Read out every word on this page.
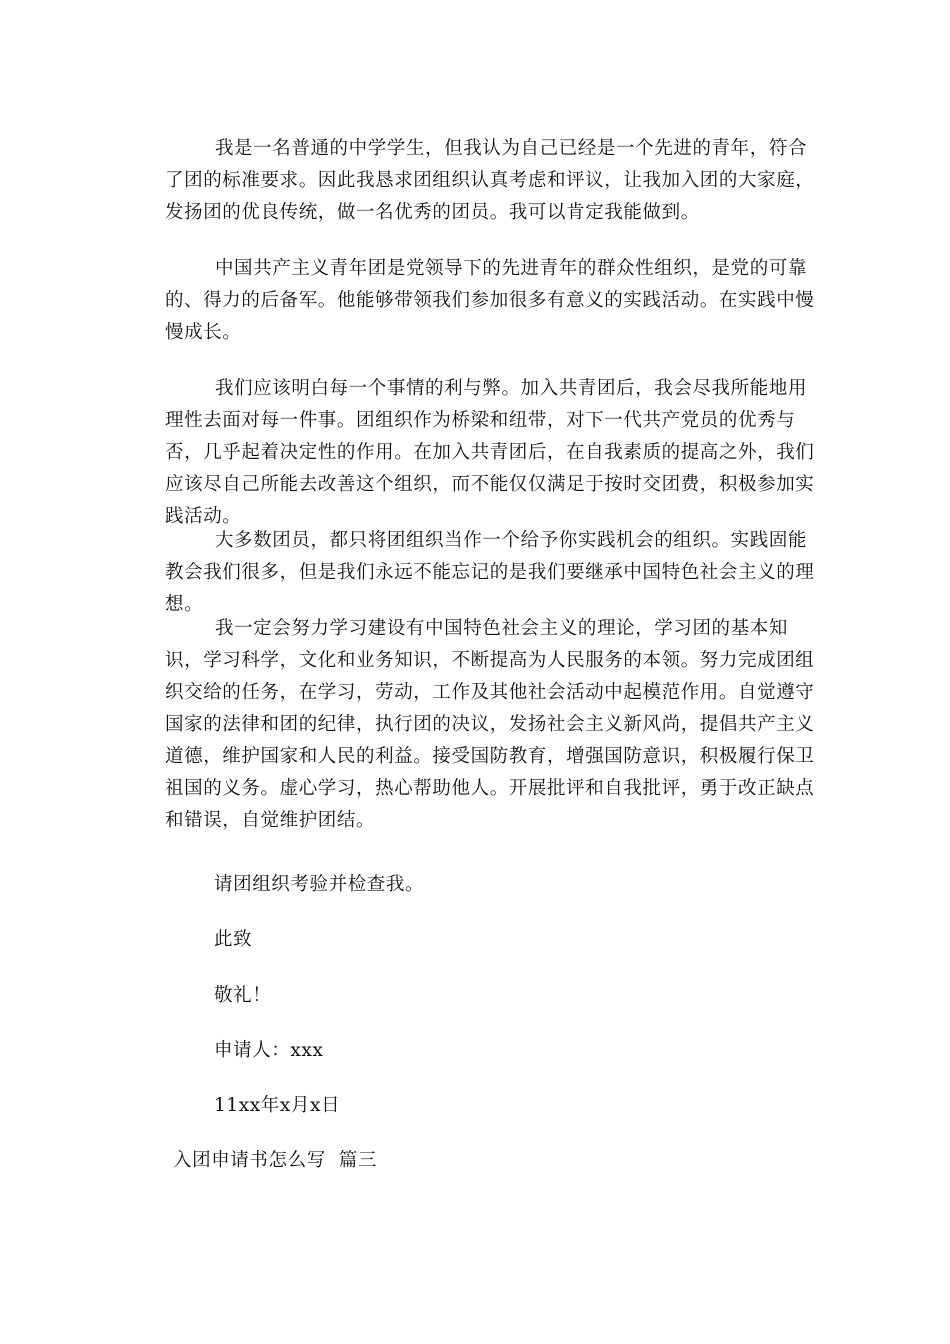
我是一名普通的中学学生，但我认为自己已经是一个先进的青年，符合了团的标准要求。因此我恳求团组织认真考虑和评议，让我加入团的大家庭，发扬团的优良传统，做一名优秀的团员。我可以肯定我能做到。

中国共产主义青年团是党领导下的先进青年的群众性组织，是党的可靠的、得力的后备军。他能够带领我们参加很多有意义的实践活动。在实践中慢慢成长。

我们应该明白每一个事情的利与弊。加入共青团后，我会尽我所能地用理性去面对每一件事。团组织作为桥梁和纽带，对下一代共产党员的优秀与否，几乎起着决定性的作用。在加入共青团后，在自我素质的提高之外，我们应该尽自己所能去改善这个组织，而不能仅仅满足于按时交团费，积极参加实践活动。

大多数团员，都只将团组织当作一个给予你实践机会的组织。实践固能教会我们很多，但是我们永远不能忘记的是我们要继承中国特色社会主义的理想。

我一定会努力学习建设有中国特色社会主义的理论，学习团的基本知识，学习科学，文化和业务知识，不断提高为人民服务的本领。努力完成团组织交给的任务，在学习，劳动，工作及其他社会活动中起模范作用。自觉遵守国家的法律和团的纪律，执行团的决议，发扬社会主义新风尚，提倡共产主义道德，维护国家和人民的利益。接受国防教育，增强国防意识，积极履行保卫祖国的义务。虚心学习，热心帮助他人。开展批评和自我批评，勇于改正缺点和错误，自觉维护团结。

请团组织考验并检查我。

此致

敬礼！

申请人：xxx

11xx年x月x日

入团申请书怎么写  篇三
